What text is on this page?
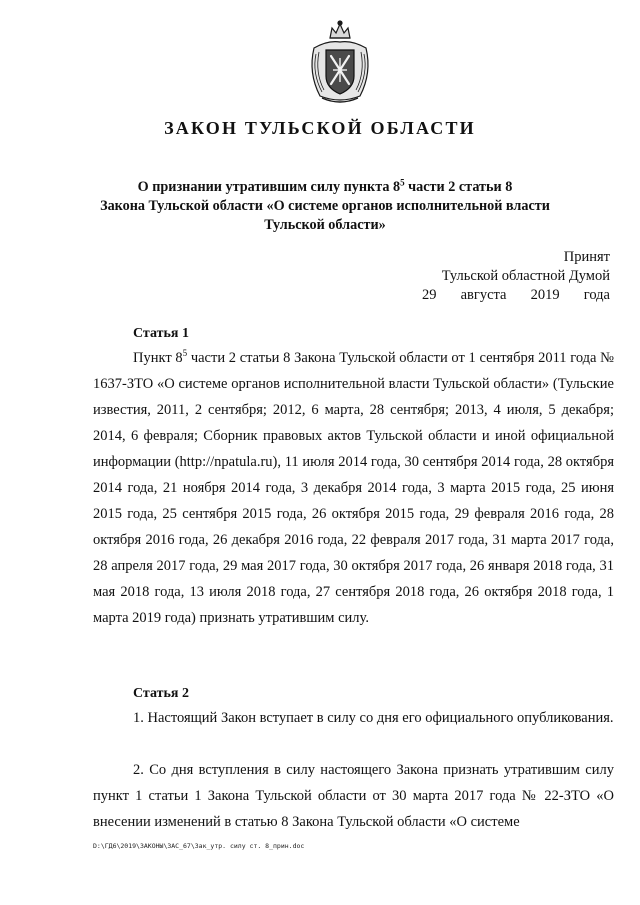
ЗАКОН ТУЛЬСКОЙ ОБЛАСТИ
О признании утратившим силу пункта $8^5$ части 2 статьи 8
Закона Тульской области «О системе органов исполнительной власти
Тульской области»
Принят
Тульской областной Думой
29 августа 2019 года
Статья 1
Пункт $8^5$ части 2 статьи 8 Закона Тульской области от 1 сентября 2011 года № 1637-ЗТО «О системе органов исполнительной власти Тульской области» (Тульские известия, 2011, 2 сентября; 2012, 6 марта, 28 сентября; 2013, 4 июля, 5 декабря; 2014, 6 февраля; Сборник правовых актов Тульской области и иной официальной информации (http://npatula.ru), 11 июля 2014 года, 30 сентября 2014 года, 28 октября 2014 года, 21 ноября 2014 года, 3 декабря 2014 года, 3 марта 2015 года, 25 июня 2015 года, 25 сентября 2015 года, 26 октября 2015 года, 29 февраля 2016 года, 28 октября 2016 года, 26 декабря 2016 года, 22 февраля 2017 года, 31 марта 2017 года, 28 апреля 2017 года, 29 мая 2017 года, 30 октября 2017 года, 26 января 2018 года, 31 мая 2018 года, 13 июля 2018 года, 27 сентября 2018 года, 26 октября 2018 года, 1 марта 2019 года) признать утратившим силу.
Статья 2
1. Настоящий Закон вступает в силу со дня его официального опубликования.
2. Со дня вступления в силу настоящего Закона признать утратившим силу пункт 1 статьи 1 Закона Тульской области от 30 марта 2017 года № 22-ЗТО «О внесении изменений в статью 8 Закона Тульской области «О системе
D:\ГД6\2019\ЗАКОНЫ\ЗАС_67\Зак_утр. силу ст. 8_прин.doc
